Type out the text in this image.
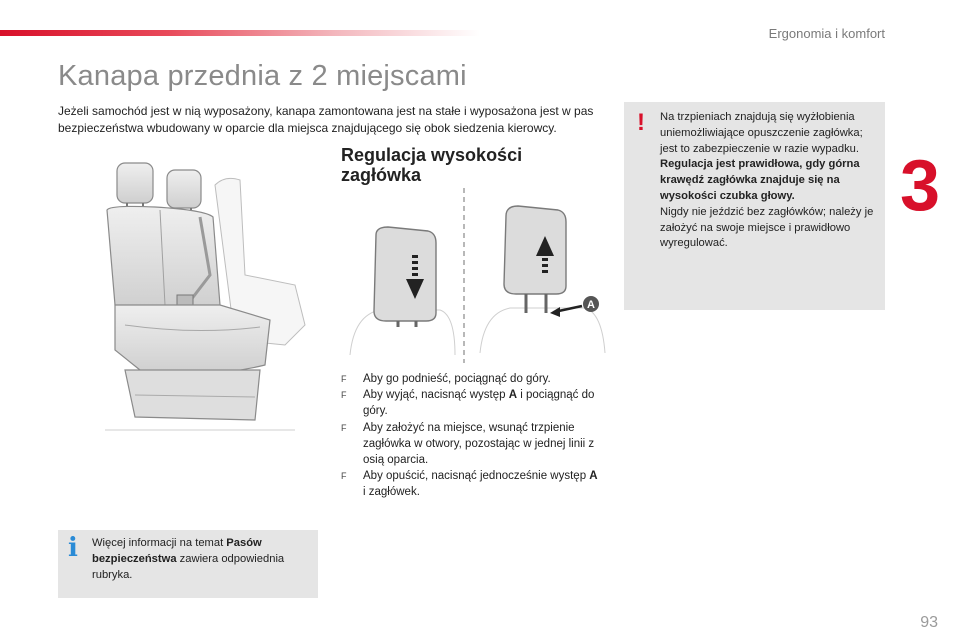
Ergonomia i komfort
3
Kanapa przednia z 2 miejscami
Jeżeli samochód jest w nią wyposażony, kanapa zamontowana jest na stałe i wyposażona jest w pas bezpieczeństwa wbudowany w oparcie dla miejsca znajdującego się obok siedzenia kierowcy.
Regulacja wysokości zagłówka
A
F Aby go podnieść, pociągnąć do góry.
F Aby wyjąć, nacisnąć występ A i pociągnąć do góry.
F Aby założyć na miejsce, wsunąć trzpienie zagłówka w otwory, pozostając w jednej linii z osią oparcia.
F Aby opuścić, nacisnąć jednocześnie występ A i zagłówek.
! Na trzpieniach znajdują się wyżłobienia uniemożliwiające opuszczenie zagłówka; jest to zabezpieczenie w razie wypadku.
Regulacja jest prawidłowa, gdy górna krawędź zagłówka znajduje się na wysokości czubka głowy.
Nigdy nie jeździć bez zagłówków; należy je założyć na swoje miejsce i prawidłowo wyregulować.
i Więcej informacji na temat Pasów bezpieczeństwa zawiera odpowiednia rubryka.
93
